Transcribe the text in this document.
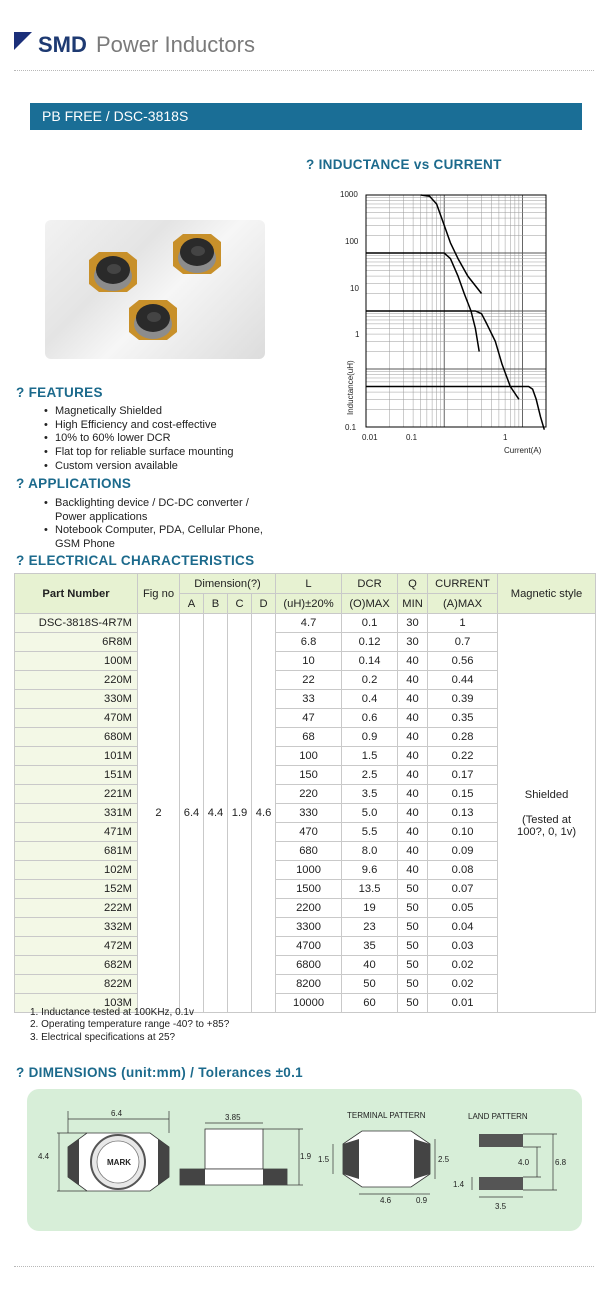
SMD Power Inductors
PB FREE / DSC-3818S
? INDUCTANCE vs CURRENT
1000
100
10
1
0.1
0.01	0.1	1
Current(A)
Inductance(uH)
? FEATURES
• Magnetically Shielded
• High Efficiency and cost-effective
• 10% to 60% lower DCR
• Flat top for reliable surface mounting
• Custom version available
? APPLICATIONS
• Backlighting device / DC-DC converter /
Power applications
• Notebook Computer, PDA, Cellular Phone,
GSM Phone
? ELECTRICAL CHARACTERISTICS
Part Number	Fig no	Dimension(?)				L	DCR	Q	CURRENT	Magnetic style
		A	B	C	D	(uH)±20%	(O)MAX	MIN	(A)MAX	
DSC-3818S-4R7M	2	6.4	4.4	1.9	4.6	4.7	0.1	30	1	Shielded
(Tested at
100?, 0, 1v)

6R8M						6.8	0.12	30	0.7	
100M						10	0.14	40	0.56	
220M						22	0.2	40	0.44	
330M						33	0.4	40	0.39	
470M						47	0.6	40	0.35	
680M						68	0.9	40	0.28	
101M						100	1.5	40	0.22	
151M						150	2.5	40	0.17	
221M						220	3.5	40	0.15	
331M						330	5.0	40	0.13	
471M						470	5.5	40	0.10	
681M						680	8.0	40	0.09	
102M						1000	9.6	40	0.08	
152M						1500	13.5	50	0.07	
222M						2200	19	50	0.05	
332M						3300	23	50	0.04	
472M						4700	35	50	0.03	
682M						6800	40	50	0.02	
822M						8200	50	50	0.02	
103M						10000	60	50	0.01	
1. Inductance tested at 100KHz, 0.1v
2. Operating temperature range -40? to +85?
3. Electrical specifications at 25?
? DIMENSIONS (unit:mm) / Tolerances ±0.1
6.4
4.4
MARK
3.85
1.9
TERMINAL PATTERN
1.5	2.5
4.6	0.9
LAND PATTERN
4.0	6.8
1.4
3.5
